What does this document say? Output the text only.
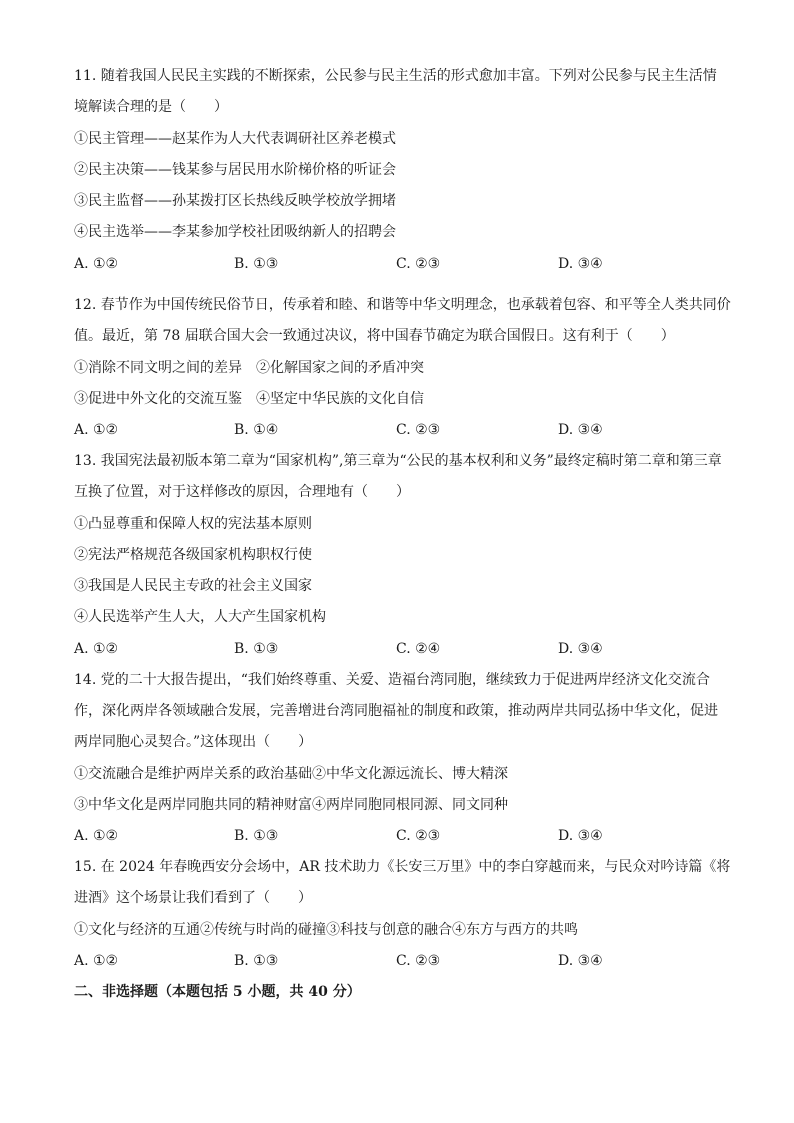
11. 随着我国人民民主实践的不断探索，公民参与民主生活的形式愈加丰富。下列对公民参与民主生活情
境解读合理的是（　　）
①民主管理——赵某作为人大代表调研社区养老模式
②民主决策——钱某参与居民用水阶梯价格的听证会
③民主监督——孙某拨打区长热线反映学校放学拥堵
④民主选举——李某参加学校社团吸纳新人的招聘会
A. ①②	B. ①③	C. ②③	D. ③④
12. 春节作为中国传统民俗节日，传承着和睦、和谐等中华文明理念，也承载着包容、和平等全人类共同价
值。最近，第 78 届联合国大会一致通过决议，将中国春节确定为联合国假日。这有利于（　　）
①消除不同文明之间的差异　②化解国家之间的矛盾冲突
③促进中外文化的交流互鉴　④坚定中华民族的文化自信
A. ①②	B. ①④	C. ②③	D. ③④
13. 我国宪法最初版本第二章为“国家机构”,第三章为“公民的基本权利和义务”最终定稿时第二章和第三章
互换了位置，对于这样修改的原因，合理地有（　　）
①凸显尊重和保障人权的宪法基本原则
②宪法严格规范各级国家机构职权行使
③我国是人民民主专政的社会主义国家
④人民选举产生人大，人大产生国家机构
A. ①②	B. ①③	C. ②④	D. ③④
14. 党的二十大报告提出，“我们始终尊重、关爱、造福台湾同胞，继续致力于促进两岸经济文化交流合
作，深化两岸各领域融合发展，完善增进台湾同胞福祉的制度和政策，推动两岸共同弘扬中华文化，促进
两岸同胞心灵契合。”这体现出（　　）
①交流融合是维护两岸关系的政治基础②中华文化源远流长、博大精深
③中华文化是两岸同胞共同的精神财富④两岸同胞同根同源、同文同种
A. ①②	B. ①③	C. ②③	D. ③④
15. 在 2024 年春晚西安分会场中，AR 技术助力《长安三万里》中的李白穿越而来，与民众对吟诗篇《将
进酒》这个场景让我们看到了（　　）
①文化与经济的互通②传统与时尚的碰撞③科技与创意的融合④东方与西方的共鸣
A. ①②	B. ①③	C. ②③	D. ③④
二、非选择题（本题包括 5 小题，共 40 分）
